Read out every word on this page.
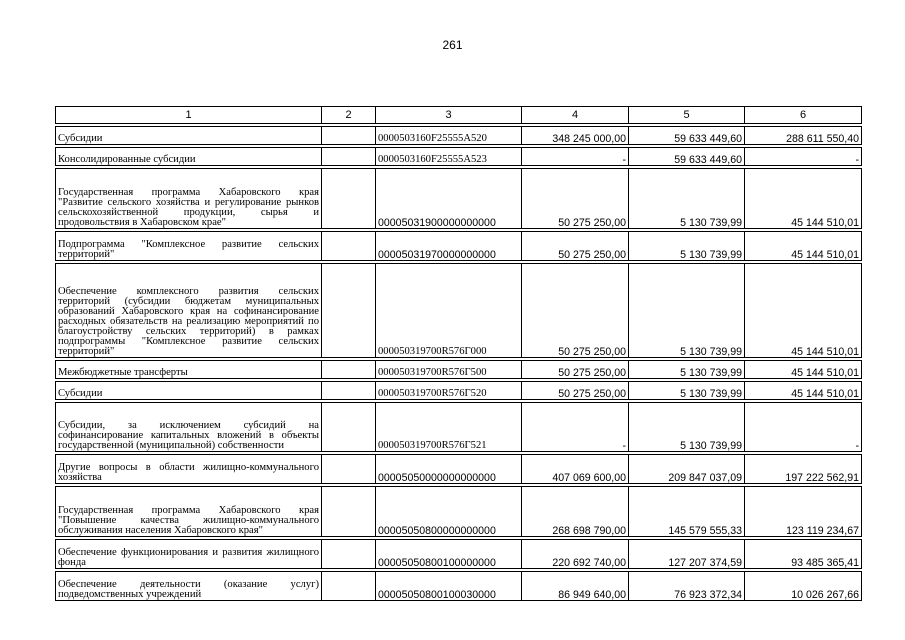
261
1	2	3	4	5	6

Субсидии		0000503160F25555A520	348 245 000,00	59 633 449,60	288 611 550,40

Консолидированные субсидии		0000503160F25555A523	-	59 633 449,60	-

Государственная программа Хабаровского края "Развитие сельского хозяйства и регулирование рынков сельскохозяйственной продукции, сырья и продовольствия в Хабаровском крае"		00005031900000000000	50 275 250,00	5 130 739,99	45 144 510,01

Подпрограмма "Комплексное развитие сельских территорий"		00005031970000000000	50 275 250,00	5 130 739,99	45 144 510,01

Обеспечение комплексного развития сельских территорий (субсидии бюджетам муниципальных образований Хабаровского края на софинансирование расходных обязательств на реализацию мероприятий по благоустройству сельских территорий) в рамках подпрограммы "Комплексное развитие сельских территорий"		000050319700R576Г000	50 275 250,00	5 130 739,99	45 144 510,01

Межбюджетные трансферты		000050319700R576Г500	50 275 250,00	5 130 739,99	45 144 510,01

Субсидии		000050319700R576Г520	50 275 250,00	5 130 739,99	45 144 510,01

Субсидии, за исключением субсидий на софинансирование капитальных вложений в объекты государственной (муниципальной) собственности		000050319700R576Г521	-	5 130 739,99	-

Другие вопросы в области жилищно-коммунального хозяйства		00005050000000000000	407 069 600,00	209 847 037,09	197 222 562,91

Государственная программа Хабаровского края "Повышение качества жилищно-коммунального обслуживания населения Хабаровского края"		00005050800000000000	268 698 790,00	145 579 555,33	123 119 234,67

Обеспечение функционирования и развития жилищного фонда		00005050800100000000	220 692 740,00	127 207 374,59	93 485 365,41

Обеспечение деятельности (оказание услуг) подведомственных учреждений		00005050800100030000	86 949 640,00	76 923 372,34	10 026 267,66
